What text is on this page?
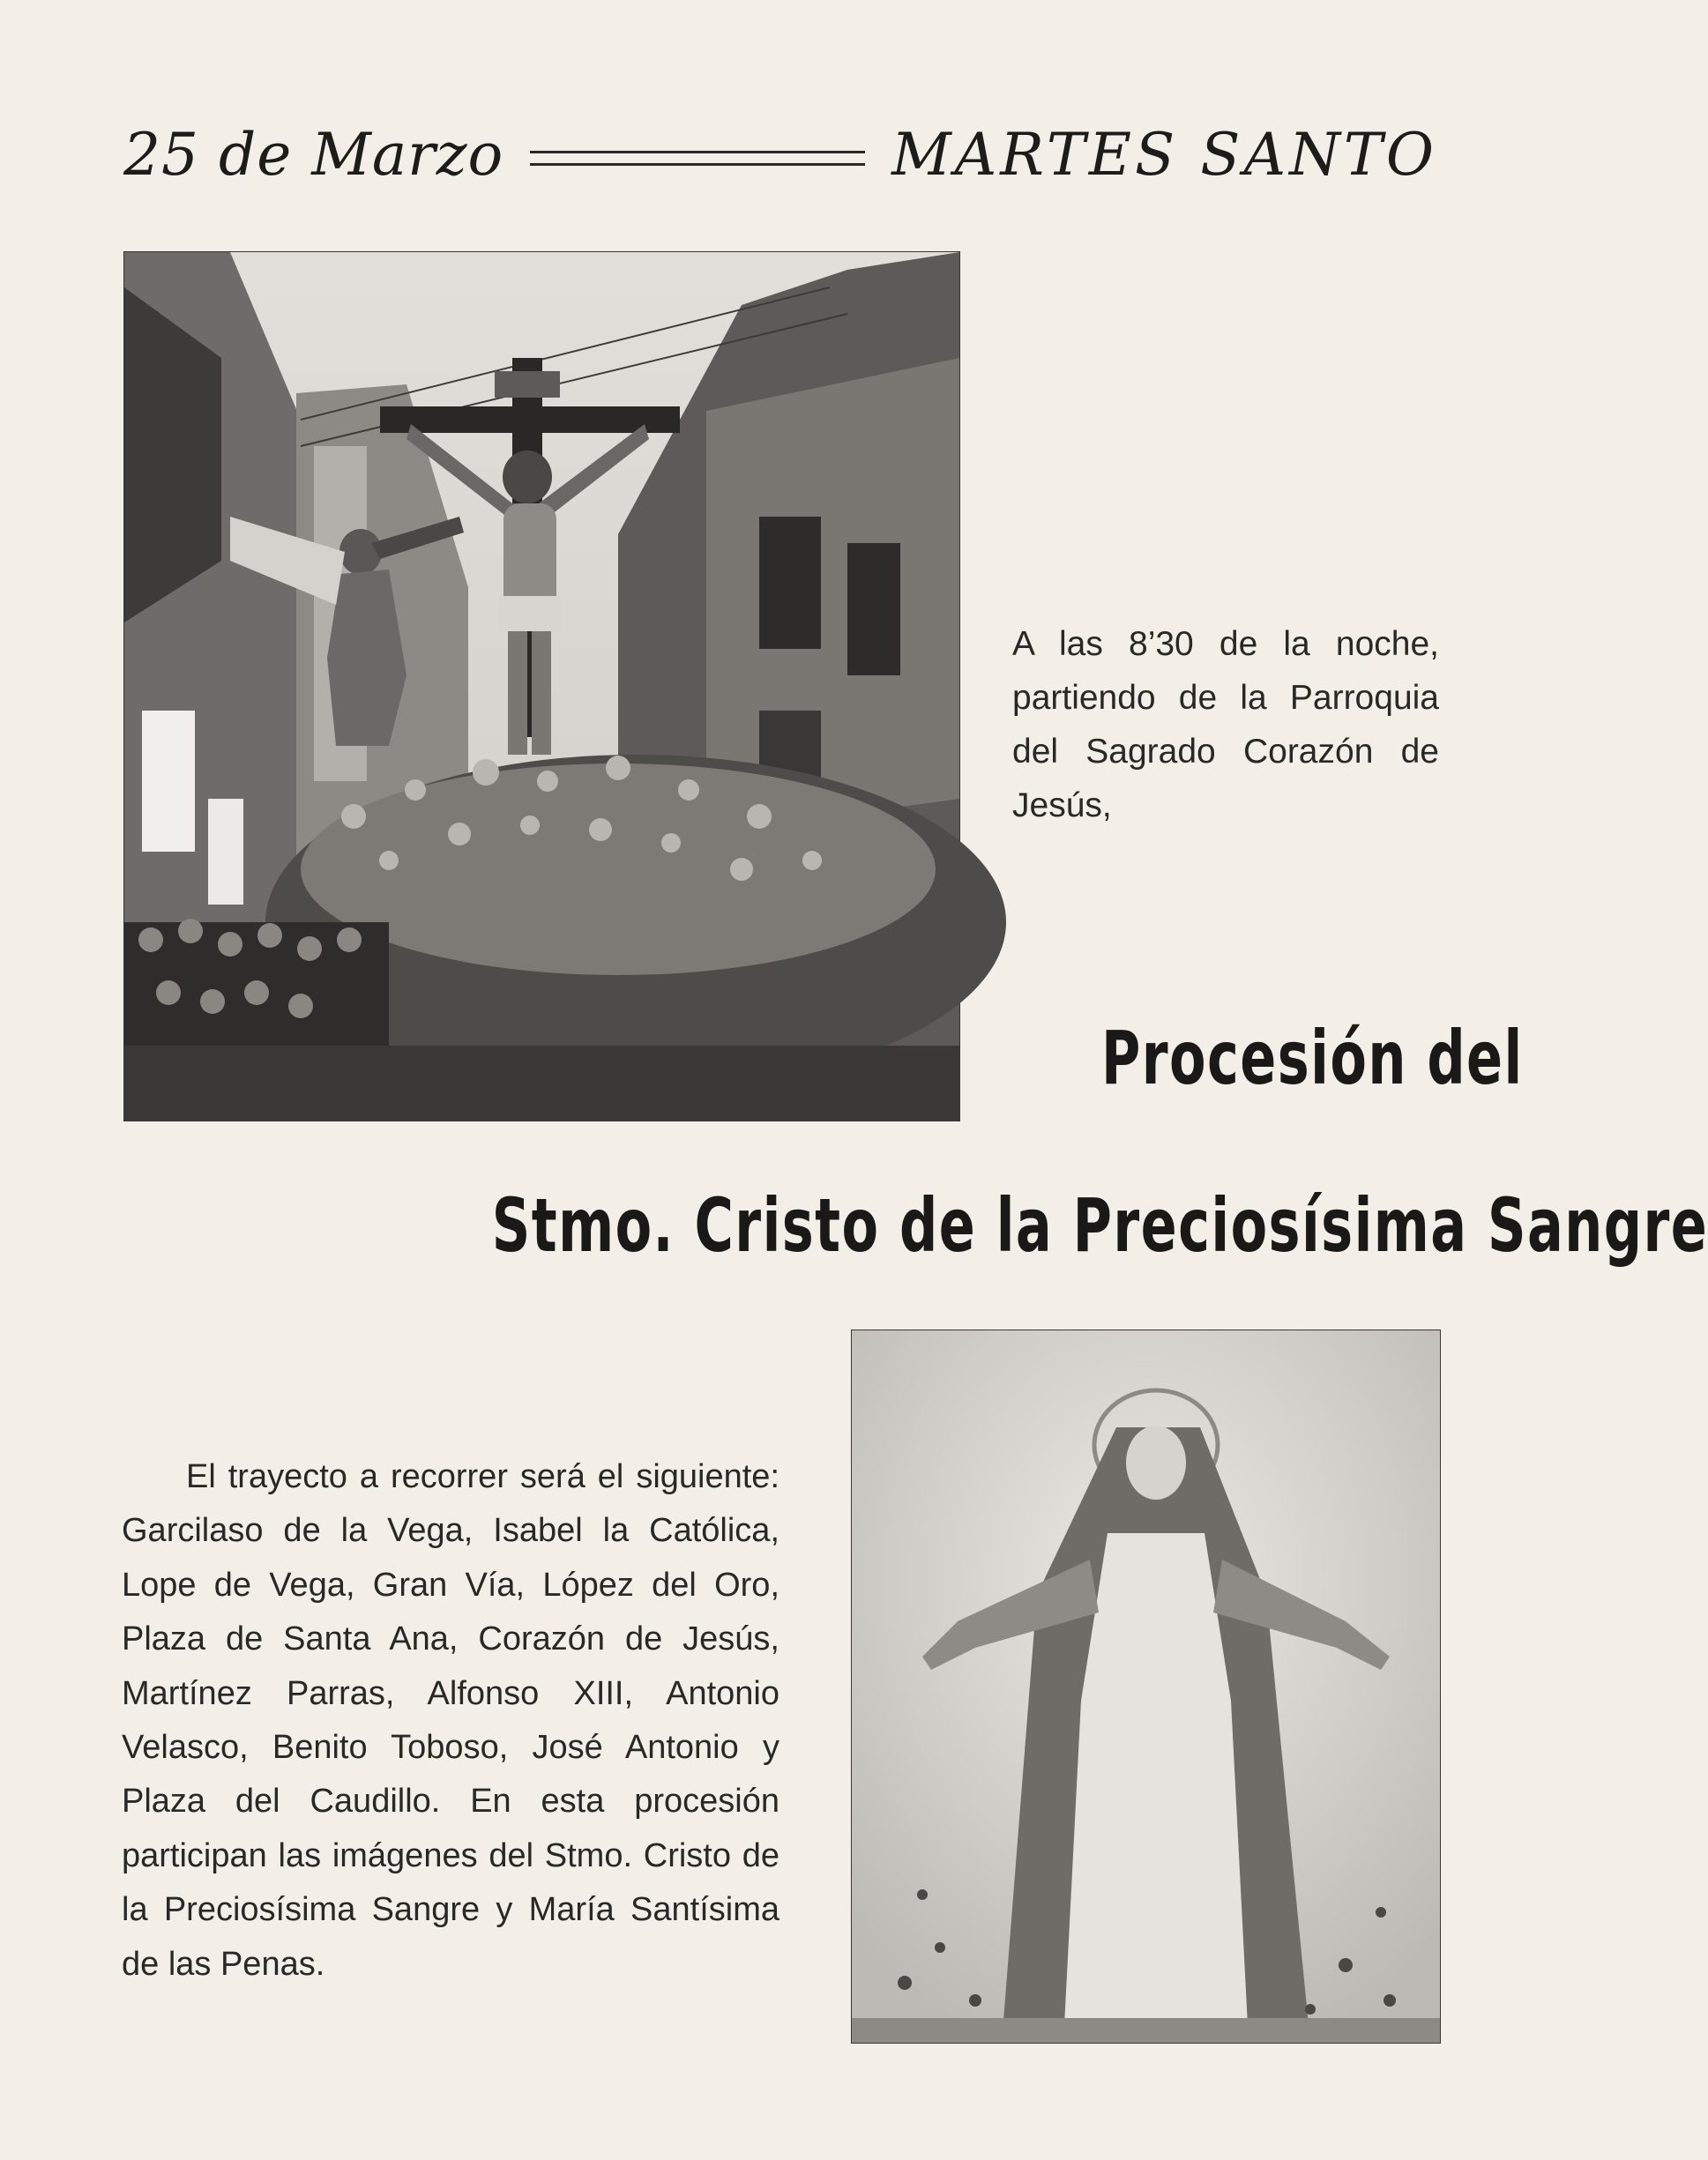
25 de Marzo	MARTES SANTO
A las 8’30 de la noche, partiendo de la Parroquia del Sagrado Corazón de Jesús,
Procesión del
Stmo. Cristo de la Preciosísima Sangre
El trayecto a recorrer será el siguiente: Garcilaso de la Vega, Isabel la Católica, Lope de Vega, Gran Vía, López del Oro, Plaza de Santa Ana, Corazón de Jesús, Martínez Parras, Alfonso XIII, Antonio Velasco, Benito Toboso, José Antonio y Plaza del Caudillo. En esta procesión participan las imágenes del Stmo. Cristo de la Preciosísima Sangre y María Santísima de las Penas.
